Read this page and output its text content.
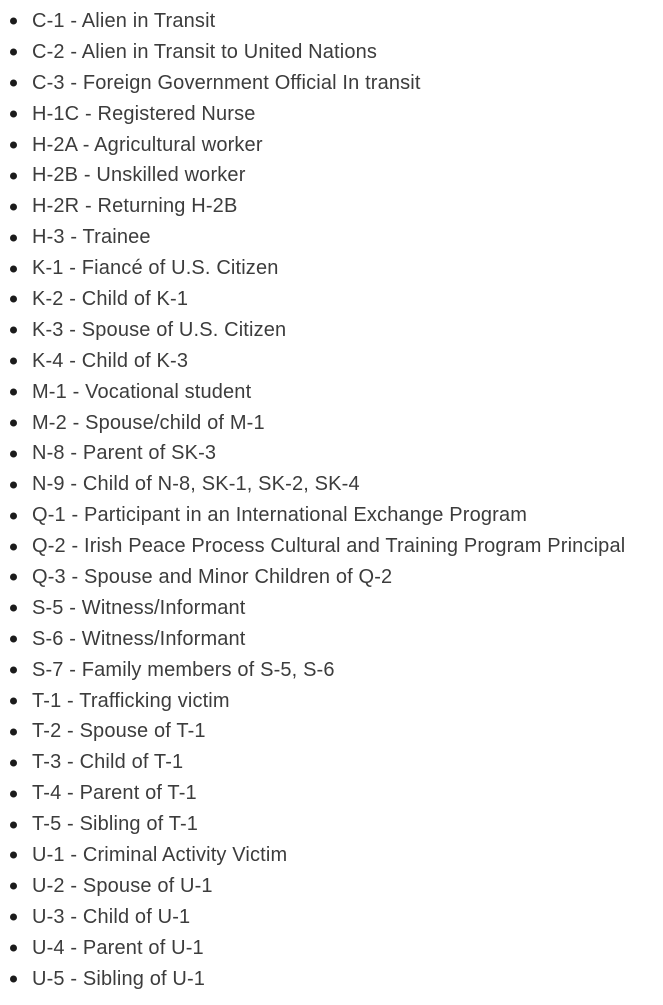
C-1 - Alien in Transit
C-2 - Alien in Transit to United Nations
C-3 - Foreign Government Official In transit
H-1C - Registered Nurse
H-2A - Agricultural worker
H-2B - Unskilled worker
H-2R - Returning H-2B
H-3 - Trainee
K-1 - Fiancé of U.S. Citizen
K-2 - Child of K-1
K-3 - Spouse of U.S. Citizen
K-4 - Child of K-3
M-1 - Vocational student
M-2 - Spouse/child of M-1
N-8 - Parent of SK-3
N-9 - Child of N-8, SK-1, SK-2, SK-4
Q-1 - Participant in an International Exchange Program
Q-2 - Irish Peace Process Cultural and Training Program Principal
Q-3 - Spouse and Minor Children of Q-2
S-5 - Witness/Informant
S-6 - Witness/Informant
S-7 - Family members of S-5, S-6
T-1 - Trafficking victim
T-2 - Spouse of T-1
T-3 - Child of T-1
T-4 - Parent of T-1
T-5 - Sibling of T-1
U-1 - Criminal Activity Victim
U-2 - Spouse of U-1
U-3 - Child of U-1
U-4 - Parent of U-1
U-5 - Sibling of U-1
